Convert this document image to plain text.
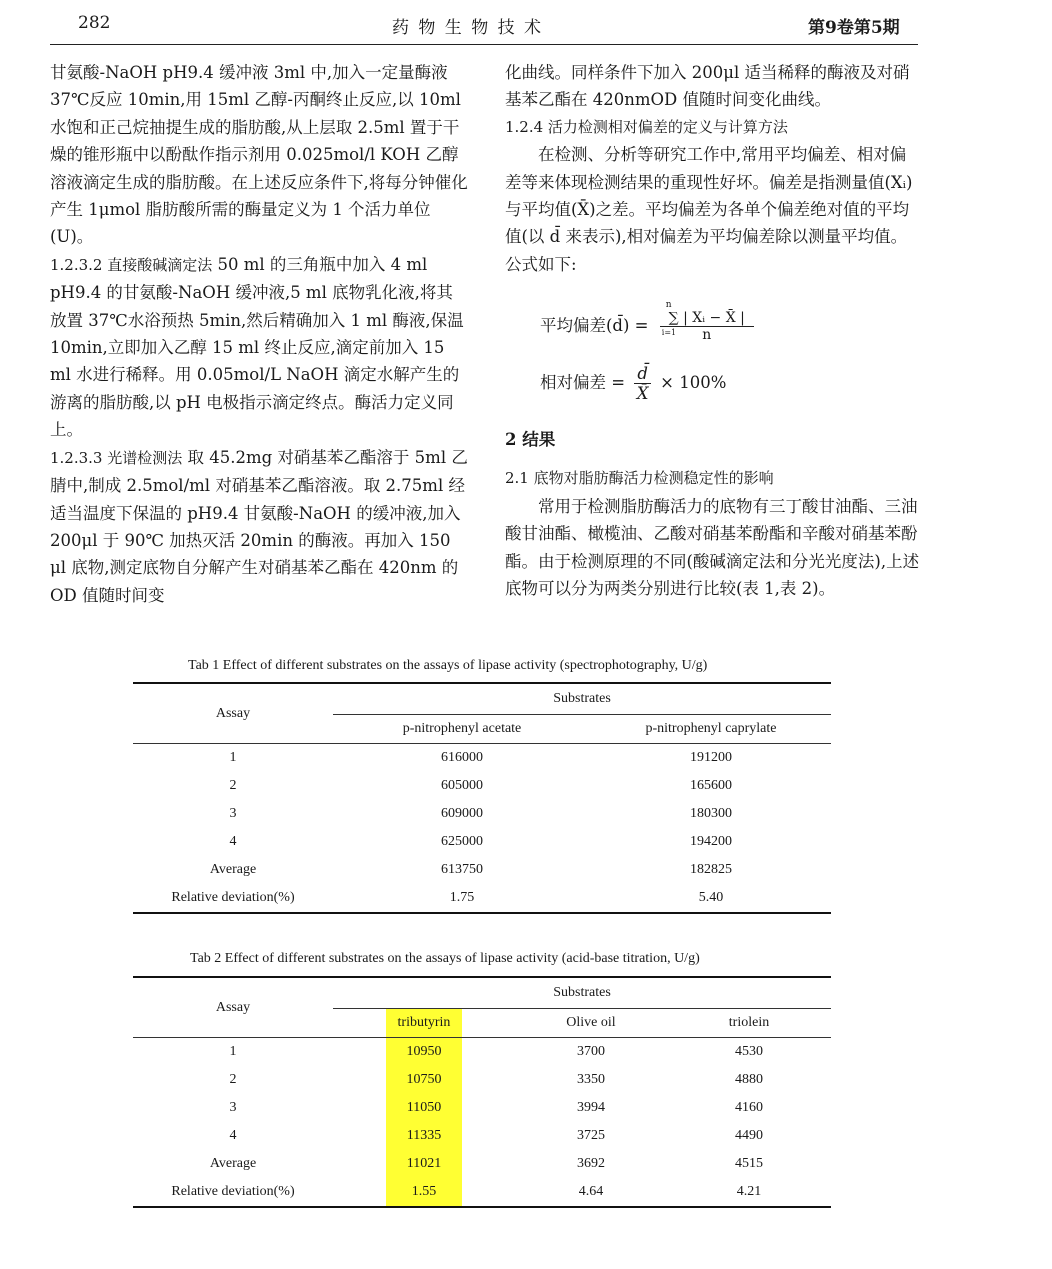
282	药 物 生 物 技 术	第9卷第5期

甘氨酸-NaOH pH9.4 缓冲液 3ml 中,加入一定量酶液 37℃反应 10min,用 15ml 乙醇-丙酮终止反应,以 10ml 水饱和正己烷抽提生成的脂肪酸,从上层取 2.5ml 置于干燥的锥形瓶中以酚酞作指示剂用 0.025mol/l KOH 乙醇溶液滴定生成的脂肪酸。在上述反应条件下,将每分钟催化产生 1μmol 脂肪酸所需的酶量定义为 1 个活力单位(U)。

1.2.3.2 直接酸碱滴定法 50 ml 的三角瓶中加入 4 ml pH9.4 的甘氨酸-NaOH 缓冲液,5 ml 底物乳化液,将其放置 37℃水浴预热 5min,然后精确加入 1 ml 酶液,保温 10min,立即加入乙醇 15 ml 终止反应,滴定前加入 15 ml 水进行稀释。用 0.05mol/L NaOH 滴定水解产生的游离的脂肪酸,以 pH 电极指示滴定终点。酶活力定义同上。

1.2.3.3 光谱检测法 取 45.2mg 对硝基苯乙酯溶于 5ml 乙腈中,制成 2.5mol/ml 对硝基苯乙酯溶液。取 2.75ml 经适当温度下保温的 pH9.4 甘氨酸-NaOH 的缓冲液,加入 200μl 于 90℃ 加热灭活 20min 的酶液。再加入 150 μl 底物,测定底物自分解产生对硝基苯乙酯在 420nm 的 OD 值随时间变

化曲线。同样条件下加入 200μl 适当稀释的酶液及对硝基苯乙酯在 420nmOD 值随时间变化曲线。

1.2.4 活力检测相对偏差的定义与计算方法

在检测、分析等研究工作中,常用平均偏差、相对偏差等来体现检测结果的重现性好坏。偏差是指测量值(Xᵢ)与平均值(X̄)之差。平均偏差为各单个偏差绝对值的平均值(以 d̄ 来表示),相对偏差为平均偏差除以测量平均值。公式如下:

平均偏差(d̄) = n
i=1
∑ | Xᵢ − X̄ |
n
相对偏差 = $\frac{d̄}{X̄} \times 100\%$

2 结果

2.1 底物对脂肪酶活力检测稳定性的影响

常用于检测脂肪酶活力的底物有三丁酸甘油酯、三油酸甘油酯、橄榄油、乙酸对硝基苯酚酯和辛酸对硝基苯酚酯。由于检测原理的不同(酸碱滴定法和分光光度法),上述底物可以分为两类分别进行比较(表 1,表 2)。

Tab 1 Effect of different substrates on the assays of lipase activity (spectrophotography, U/g)
Assay	Substrates	
	p-nitrophenyl acetate	p-nitrophenyl caprylate
1	616000	191200
2	605000	165600
3	609000	180300
4	625000	194200
Average	613750	182825
Relative deviation(%)	1.75	5.40
Tab 2 Effect of different substrates on the assays of lipase activity (acid-base titration, U/g)
Assay	Substrates		
	tributyrin	Olive oil	triolein
1	10950	3700	4530
2	10750	3350	4880
3	11050	3994	4160
4	11335	3725	4490
Average	11021	3692	4515
Relative deviation(%)	1.55	4.64	4.21
